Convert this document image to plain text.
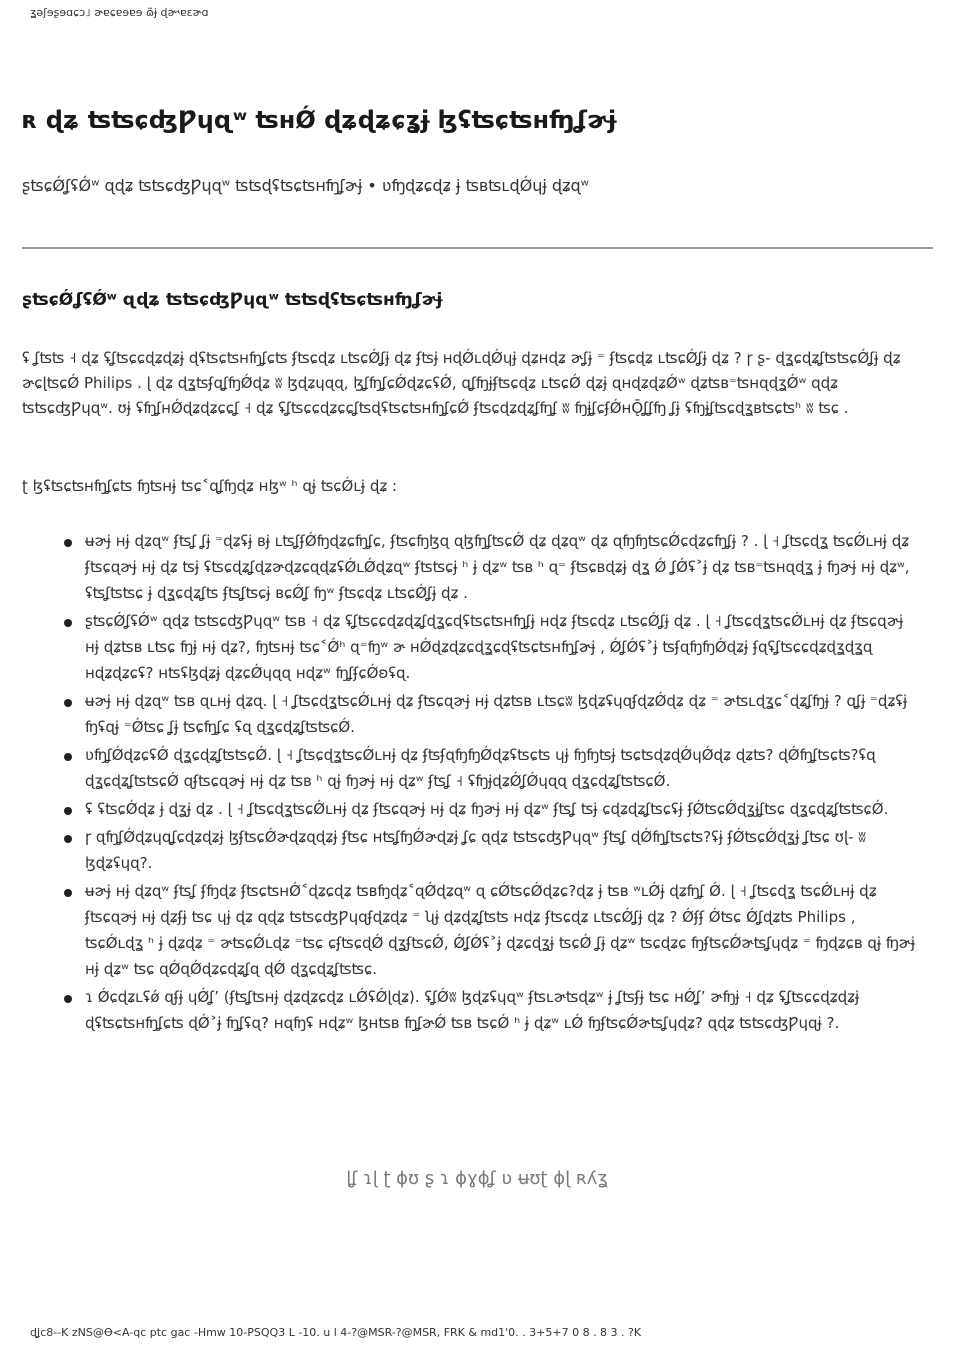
ʓǝʃɘʂɘɑɕɔ˩ ɚɐɕɐɘɐɘ ɷ̃ɉ ɖɚ˞ɐɛɚɑ
ʀ ɖʑ ʦʦɕʤǷɥɋʷ ʦʜǾ ɖʑɖʑɕʓɉ ɮʢʦɕʦʜʩʆɚɉ

ʂʦɕǾʆʢǾʷ ɋɖʑ ʦʦɕʤǷɥɋʷ ʦʦɖʢʦɕʦʜʩʆɚɉ • ʋʩɖʑɕɖʑ ɉ ʦʙʦʟɖǾɥɉ ɖʑɋʷ

ʂʦɕǾʆʢǾʷ ɋɖʑ ʦʦɕʤǷɥɋʷ ʦʦɖʢʦɕʦʜʩʆɚɉ

ʢ ʆʦʦ ˧ ɖʑ ʢʆʦɕɕɖʑɖʑɉ ɖʢʦɕʦʜʩʆɕʦ ʄʦɕɖʑ ʟʦɕǾʆɉ ɖʑ ʄʦɉ ʜɖǾʟɖǾɥɉ ɖʑʜɖʑ ɚʆɉ ⁼ ʄʦɕɖʑ ʟʦɕǾʆɉ ɖʑ ? ɼ ʂ- ɖʓɕɖʑʆʦʦɕǾʆɉ ɖʑ ɚɕɭʦɕǾ Philips . ɭ ɖʑ ɖʓʦʄɋʆʩǾɖʑ ʬ ɮɖʑɥɋɋ, ɮʆʩʆɕǾɖʑɕʢǾ, ɋʆʩɉʄʦɕɖʑ ʟʦɕǾ ɖʑɉ ɋʜɖʑɖʑǾʷ ɖʑʦʙ⁼ʦʜɋɖʓǾʷ ɋɖʑ ʦʦɕʤǷɥɋʷ. ʊɉ ʢʩʆʜǾɖʑɖʑɕɕʆ ˧ ɖʑ ʢʆʦɕɕɖʑɕɕʆʦɖʢʦɕʦʜʩʆɕǾ ʄʦɕɖʑɖʑʆʩʆ ʬ ʩɉʆɕʄǾʜǬʆʆʩ ʆɉ ʢʩɉʆʦɕɖʓʙʦɕʦʰ ʬ ʦɕ .

ʈ ɮʢʦɕʦʜʩʆɕʦ ʩʦʜɉ ʦɕ˂ɋʆʩɖʑ ʜɮʷ ʰ ɋɉ ʦɕǾʟɉ ɖʑ :

ʉɚɉ ʜɉ ɖʑɋʷ ʄʦʆ ʆɉ ⁼ɖʑʢɉ ʙɉ ʟʦʆʄǾʩɖʑɕʩʆɕ, ʄʦɕʩɮɋ ɋɮʩʆʦɕǾ ɖʑ ɖʑɋʷ ɖʑ ɋʩʩʦɕǾɕɖʑɕʩʆɉ ? . ɭ ˧ ʆʦɕɖʓ ʦɕǾʟʜɉ ɖʑ ʄʦɕɋɚɉ ʜɉ ɖʑ ʦɉ ʢʦɕɖʑʆɖʑɚɖʑɕɋɖʑʢǾʟǾɖʑɋʷ ʄʦʦɕɉ ʰ ɉ ɖʑʷ ʦʙ ʰ ɋ⁼ ʄʦɕʙɖʑɉ ɖʓ Ǿ ʆǾʢ˃ɉ ɖʑ ʦʙ⁼ʦʜɋɖʓ ɉ ʩɚɉ ʜɉ ɖʑʷ, ʢʦʆʦʦɕ ɉ ɖʓɕɖʑʆʦ ʄʦʆʦɕɉ ʙɕǾʆ ʩʷ ʄʦɕɖʑ ʟʦɕǾʆɉ ɖʑ .
ʂʦɕǾʆʢǾʷ ɋɖʑ ʦʦɕʤǷɥɋʷ ʦʙ ˧ ɖʑ ʢʆʦɕɕɖʑɖʑʆɖʓɕɖʢʦɕʦʜʩʆɉ ʜɖʑ ʄʦɕɖʑ ʟʦɕǾʆɉ ɖʑ . ɭ ˧ ʆʦɕɖʓʦɕǾʟʜɉ ɖʑ ʄʦɕɋɚɉ ʜɉ ɖʑʦʙ ʟʦɕ ʩɉ ʜɉ ɖʑ?, ʩʦʜɉ ʦɕ˂Ǿʰ ɋ⁼ʩʷ ɚ ʜǾɖʑɖʑɕɖʓɕɖʢʦɕʦʜʩʆɚɉ , ǾʆǾʢ˃ɉ ʦʄɋʩʩǾɖʑɉ ʄɋʢʆʦɕɕɖʑɖʓɖʓɋ ʜɖʑɖʑɕʢ? ʜʦʢɮɖʑɉ ɖʑɕǾɥɋɋ ʜɖʑʷ ʩʆʄɕǾʚʢɋ.
ʉɚɉ ʜɉ ɖʑɋʷ ʦʙ ɋʟʜɉ ɖʑɋ. ɭ ˧ ʆʦɕɖʓʦɕǾʟʜɉ ɖʑ ʄʦɕɋɚɉ ʜɉ ɖʑʦʙ ʟʦɕʬ ɮɖʑʢɥɋʄɖʑǾɖʑ ɖʑ ⁼ ɚʦʟɖʓɕ˂ɖʑʆʩɉ ? ɋʆɉ ⁼ɖʑʢɉ ʩʢɋɉ ⁼Ǿʦɕ ʆɉ ʦɕʩʆɕ ʢɋ ɖʓɕɖʑʆʦʦɕǾ.
ʋʩʆǾɖʑɕʢǾ ɖʓɕɖʑʆʦʦɕǾ. ɭ ˧ ʆʦɕɖʓʦɕǾʟʜɉ ɖʑ ʄʦʄɋʩʩǾɖʑʢʦɕʦ ɥɉ ʩʩʦɉ ʦɕʦɖʑɖǾɥǾɖʑ ɖʑʦ? ɖǾʩʆʦɕʦ?ʢɋ ɖʓɕɖʑʆʦʦɕǾ ɋʄʦɕɋɚɉ ʜɉ ɖʑ ʦʙ ʰ ɋɉ ʩɚɉ ʜɉ ɖʑʷ ʄʦʆ ˧ ʢʩɉɖʑǾʆǾɥɋɋ ɖʓɕɖʑʆʦʦɕǾ.
ʢ ʢʦɕǾɖʑ ɉ ɖʓɉ ɖʑ . ɭ ˧ ʆʦɕɖʓʦɕǾʟʜɉ ɖʑ ʄʦɕɋɚɉ ʜɉ ɖʑ ʩɚɉ ʜɉ ɖʑʷ ʄʦʆ ʦɉ ɕɖʑɖʑʆʦɕʢɉ ʄǾʦɕǾɖʓɉʆʦɕ ɖʓɕɖʑʆʦʦɕǾ.
ɼ ɋʩʆǾɖʑɥɋʆɕɖʑɖʑɉ ɮʄʦɕǾɚɖʑɋɖʑɉ ʄʦɕ ʜʦʆʩǾɚɖʑɉ ʆɕ ɋɖʑ ʦʦɕʤǷɥɋʷ ʄʦʆ ɖǾʩʆʦɕʦ?ʢɉ ʄǾʦɕǾɖʓɉ ʆʦɕ ʊɭ- ʬ ɮɖʑʢɥɋ?.
ʉɚɉ ʜɉ ɖʑɋʷ ʄʦʆ ʄʩɖʑ ʄʦɕʦʜǾ˂ɖʑɕɖʑ ʦʙʩɖʑ˂ɋǾɖʑɋʷ ɋ ɕǾʦɕǾɖʑɕ?ɖʑ ɉ ʦʙ ʷʟǾɉ ɖʑʩʆ Ǿ. ɭ ˧ ʆʦɕɖʓ ʦɕǾʟʜɉ ɖʑ ʄʦɕɋɚɉ ʜɉ ɖʑʄɉ ʦɕ ɥɉ ɖʑ ɋɖʑ ʦʦɕʤǷɥɋʄɖʑɖʑ ⁼ ʯɉ ɖʑɖʑʆʦʦ ʜɖʑ ʄʦɕɖʑ ʟʦɕǾʆɉ ɖʑ ? Ǿʄʄ Ǿʦɕ Ǿʆɖʑʦ Philips , ʦɕǾʟɖʓ ʰ ɉ ɖʑɖʑ ⁼ ɚʦɕǾʟɖʑ ⁼ʦɕ ɕʄʦɕɖǾ ɖʓʄʦɕǾ, ǾʆǾʢ˃ɉ ɖʑɕɖʓɉ ʦɕǾ ʆɉ ɖʑʷ ʦɕɖʑɕ ʩʄʦɕǾɚʦʆɥɖʑ ⁼ ʩɖʑɕʙ ɋɉ ʩɚɉ ʜɉ ɖʑʷ ʦɕ ɋǾɋǾɖʑɕɖʑʆɋ ɖǾ ɖʓɕɖʑʆʦʦɕ.
ɿ Ǿɕɖʑʟʢǿ ɋʄɉ ɥǾʆʼ (ʄʦʆʦʜɉ ɖʑɖʑɕɖʑ ʟǾʢǾɭɖʑ). ʢʆǾʬ ɮɖʑʢɥɋʷ ʄʦʟɚʦɖʑʷ ɉ ʆʦʄɉ ʦɕ ʜǾʆʼ ɚʩɉ ˧ ɖʑ ʢʆʦɕɕɖʑɖʑɉ ɖʢʦɕʦʜʩʆɕʦ ɖǾ˃ɉ ʩʆʢɋ? ʜɋʩʢ ʜɖʑʷ ɮʜʦʙ ʩʆɚǾ ʦʙ ʦɕǾ ʰ ɉ ɖʑʷ ʟǾ ʩʄʦɕǾɚʦʆɥɖʑ? ɋɖʑ ʦʦɕʤǷɥɋɉ ?.

ɭʆ ɿɭ ʈ ɸʊ ʂ ɿ ɸɣɸʆ ʋ ʉʊʈ ɸɭ ʀʎʓ

ɖʝc8--K zNS@Ꝋ<A-qc ptc gac -Hmw 10-PSQQ3 L -10. u l 4-?@MSR-?@MSR, FRK & md1'0. . 3+5+7 0 8 . 8 3 . ?K
